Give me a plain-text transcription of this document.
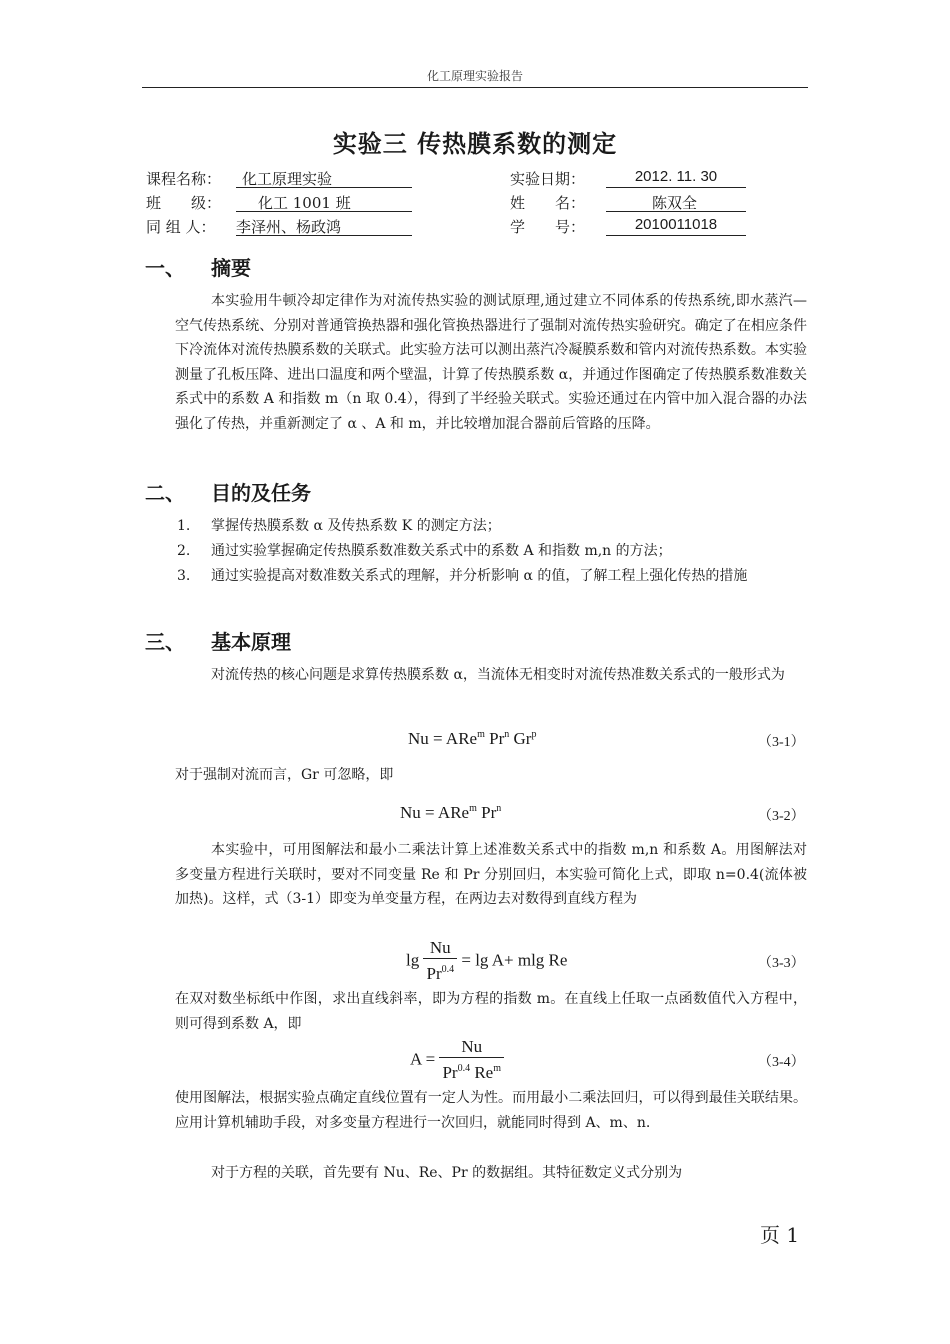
化工原理实验报告
实验三 传热膜系数的测定
课程名称：	化工原理实验	实验日期：	2012. 11. 30
班　　级：	化工 1001 班	姓　　名：	陈双全
同 组 人： 李泽州、杨政鸿	学　　号：	2010011018
一、 摘要
本实验用牛顿冷却定律作为对流传热实验的测试原理,通过建立不同体系的传热系统,即水蒸汽—空气传热系统、分别对普通管换热器和强化管换热器进行了强制对流传热实验研究。确定了在相应条件下冷流体对流传热膜系数的关联式。此实验方法可以测出蒸汽冷凝膜系数和管内对流传热系数。本实验测量了孔板压降、进出口温度和两个壁温，计算了传热膜系数 α，并通过作图确定了传热膜系数准数关系式中的系数 A 和指数 m（n 取 0.4），得到了半经验关联式。实验还通过在内管中加入混合器的办法强化了传热，并重新测定了 α 、A 和 m，并比较增加混合器前后管路的压降。
二、 目的及任务
1. 掌握传热膜系数 α 及传热系数 K 的测定方法；
2. 通过实验掌握确定传热膜系数准数关系式中的系数 A 和指数 m,n 的方法；
3. 通过实验提高对数准数关系式的理解，并分析影响 α 的值，了解工程上强化传热的措施
三、 基本原理
对流传热的核心问题是求算传热膜系数 α，当流体无相变时对流传热准数关系式的一般形式为
Nu = ARe$^m$ Pr$^n$ Gr$^p$
（3-1）
对于强制对流而言，Gr 可忽略，即
Nu = ARe$^m$ Pr$^n$
（3-2）
本实验中，可用图解法和最小二乘法计算上述准数关系式中的指数 m,n 和系数 A。用图解法对多变量方程进行关联时，要对不同变量 Re 和 Pr 分别回归，本实验可简化上式，即取 n=0.4(流体被加热)。这样，式（3-1）即变为单变量方程，在两边去对数得到直线方程为
$\lg \frac{Nu}{Pr^{0.4}} = \lg A+ mlg$ Re	（3-3）
在双对数坐标纸中作图，求出直线斜率，即为方程的指数 m。在直线上任取一点函数值代入方程中，则可得到系数 A，即
$A = \frac{Nu}{Pr^{0.4} Re^m}$	（3-4）
使用图解法，根据实验点确定直线位置有一定人为性。而用最小二乘法回归，可以得到最佳关联结果。应用计算机辅助手段，对多变量方程进行一次回归，就能同时得到 A、m、n.
对于方程的关联，首先要有 Nu、Re、Pr 的数据组。其特征数定义式分别为
页 1
